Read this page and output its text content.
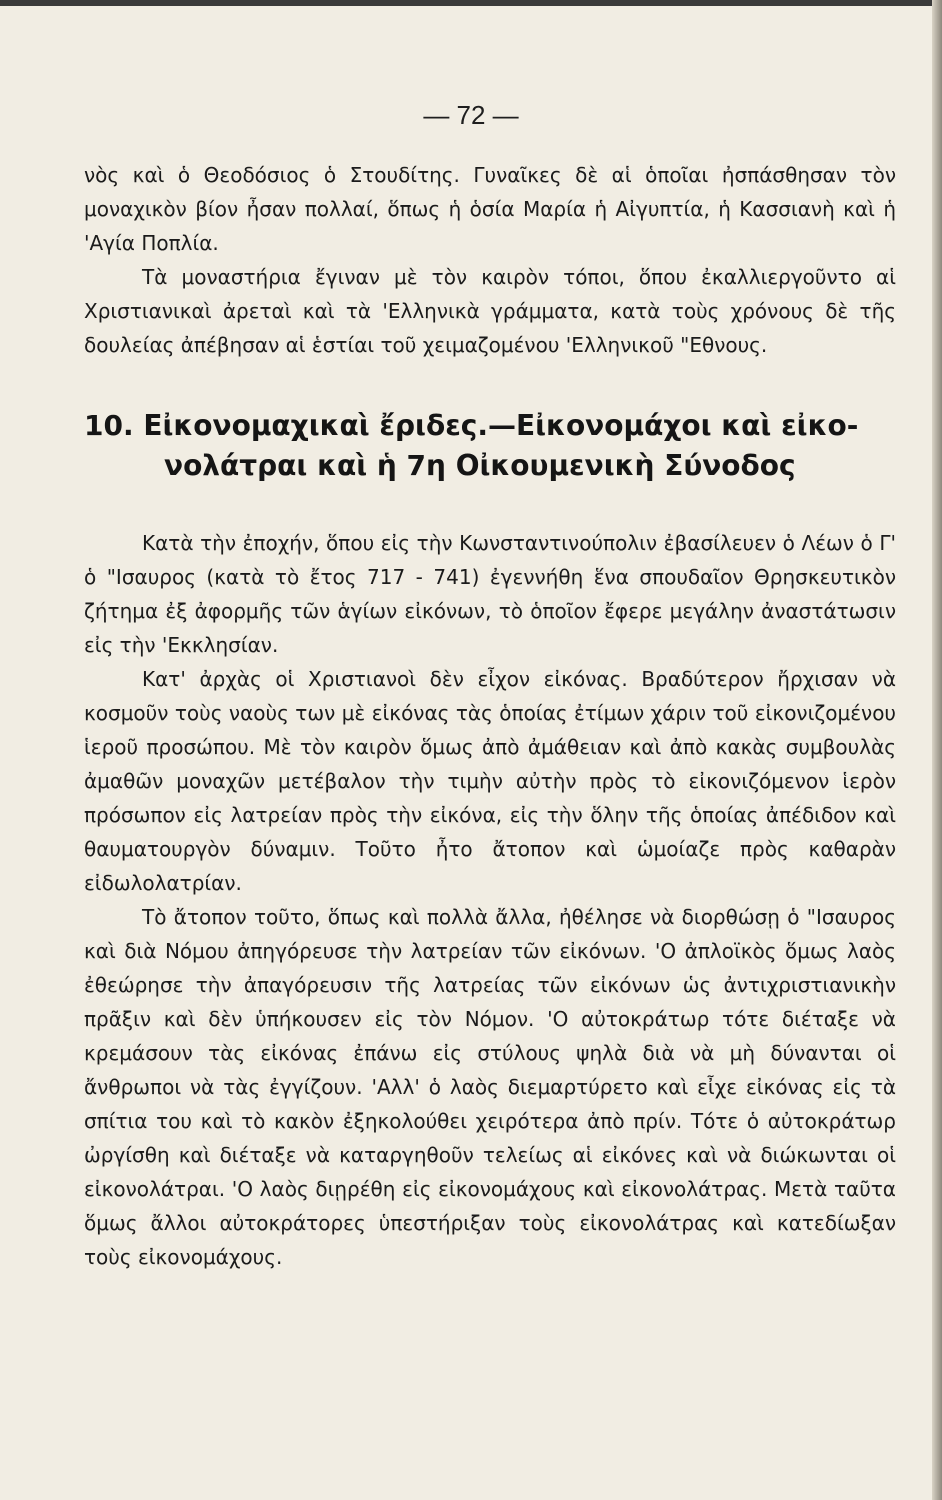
— 72 —

νὸς καὶ ὁ Θεοδόσιος ὁ Στουδίτης. Γυναῖκες δὲ αἱ ὁποῖαι ἠσπάσθησαν τὸν μοναχικὸν βίον ἦσαν πολλαί, ὅπως ἡ ὁσία Μαρία ἡ Αἰγυπτία, ἡ Κασσιανὴ καὶ ἡ 'Αγία Ποπλία.

Τὰ μοναστήρια ἔγιναν μὲ τὸν καιρὸν τόποι, ὅπου ἐκαλλιεργοῦντο αἱ Χριστιανικαὶ ἀρεταὶ καὶ τὰ 'Ελληνικὰ γράμματα, κατὰ τοὺς χρόνους δὲ τῆς δουλείας ἀπέβησαν αἱ ἑστίαι τοῦ χειμαζομένου 'Ελληνικοῦ "Εθνους.

10. Εἰκονομαχικαὶ ἔριδες.—Εἰκονομάχοι καὶ εἰκο-
νολάτραι καὶ ἡ 7η Οἰκουμενικὴ Σύνοδος

Κατὰ τὴν ἐποχήν, ὅπου εἰς τὴν Κωνσταντινούπολιν ἐβασίλευεν ὁ Λέων ὁ Γ' ὁ "Ισαυρος (κατὰ τὸ ἔτος 717 - 741) ἐγεννήθη ἕνα σπουδαῖον Θρησκευτικὸν ζήτημα ἐξ ἀφορμῆς τῶν ἁγίων εἰκόνων, τὸ ὁποῖον ἔφερε μεγάλην ἀναστάτωσιν εἰς τὴν 'Εκκλησίαν.

Κατ' ἀρχὰς οἱ Χριστιανοὶ δὲν εἶχον εἰκόνας. Βραδύτερον ἤρχισαν νὰ κοσμοῦν τοὺς ναοὺς των μὲ εἰκόνας τὰς ὁποίας ἐτίμων χάριν τοῦ εἰκονιζομένου ἱεροῦ προσώπου. Μὲ τὸν καιρὸν ὅμως ἀπὸ ἀμάθειαν καὶ ἀπὸ κακὰς συμβουλὰς ἀμαθῶν μοναχῶν μετέβαλον τὴν τιμὴν αὐτὴν πρὸς τὸ εἰκονιζόμενον ἱερὸν πρόσωπον εἰς λατρείαν πρὸς τὴν εἰκόνα, εἰς τὴν ὅλην τῆς ὁποίας ἀπέδιδον καὶ θαυματουργὸν δύναμιν. Τοῦτο ἦτο ἄτοπον καὶ ὡμοίαζε πρὸς καθαρὰν εἰδωλολατρίαν.

Τὸ ἄτοπον τοῦτο, ὅπως καὶ πολλὰ ἄλλα, ἠθέλησε νὰ διορθώσῃ ὁ "Ισαυρος καὶ διὰ Νόμου ἀπηγόρευσε τὴν λατρείαν τῶν εἰκόνων. 'Ο ἀπλοϊκὸς ὅμως λαὸς ἐθεώρησε τὴν ἀπαγόρευσιν τῆς λατρείας τῶν εἰκόνων ὡς ἀντιχριστιανικὴν πρᾶξιν καὶ δὲν ὑπήκουσεν εἰς τὸν Νόμον. 'Ο αὐτοκράτωρ τότε διέταξε νὰ κρεμάσουν τὰς εἰκόνας ἐπάνω εἰς στύλους ψηλὰ διὰ νὰ μὴ δύνανται οἱ ἄνθρωποι νὰ τὰς ἐγγίζουν. 'Αλλ' ὁ λαὸς διεμαρτύρετο καὶ εἶχε εἰκόνας εἰς τὰ σπίτια του καὶ τὸ κακὸν ἐξηκολούθει χειρότερα ἀπὸ πρίν. Τότε ὁ αὐτοκράτωρ ὠργίσθη καὶ διέταξε νὰ καταργηθοῦν τελείως αἱ εἰκόνες καὶ νὰ διώκωνται οἱ εἰκονολάτραι. 'Ο λαὸς διῃρέθη εἰς εἰκονομάχους καὶ εἰκονολάτρας. Μετὰ ταῦτα ὅμως ἄλλοι αὐτοκράτορες ὑπεστήριξαν τοὺς εἰκονολάτρας καὶ κατεδίωξαν τοὺς εἰκονομάχους.
